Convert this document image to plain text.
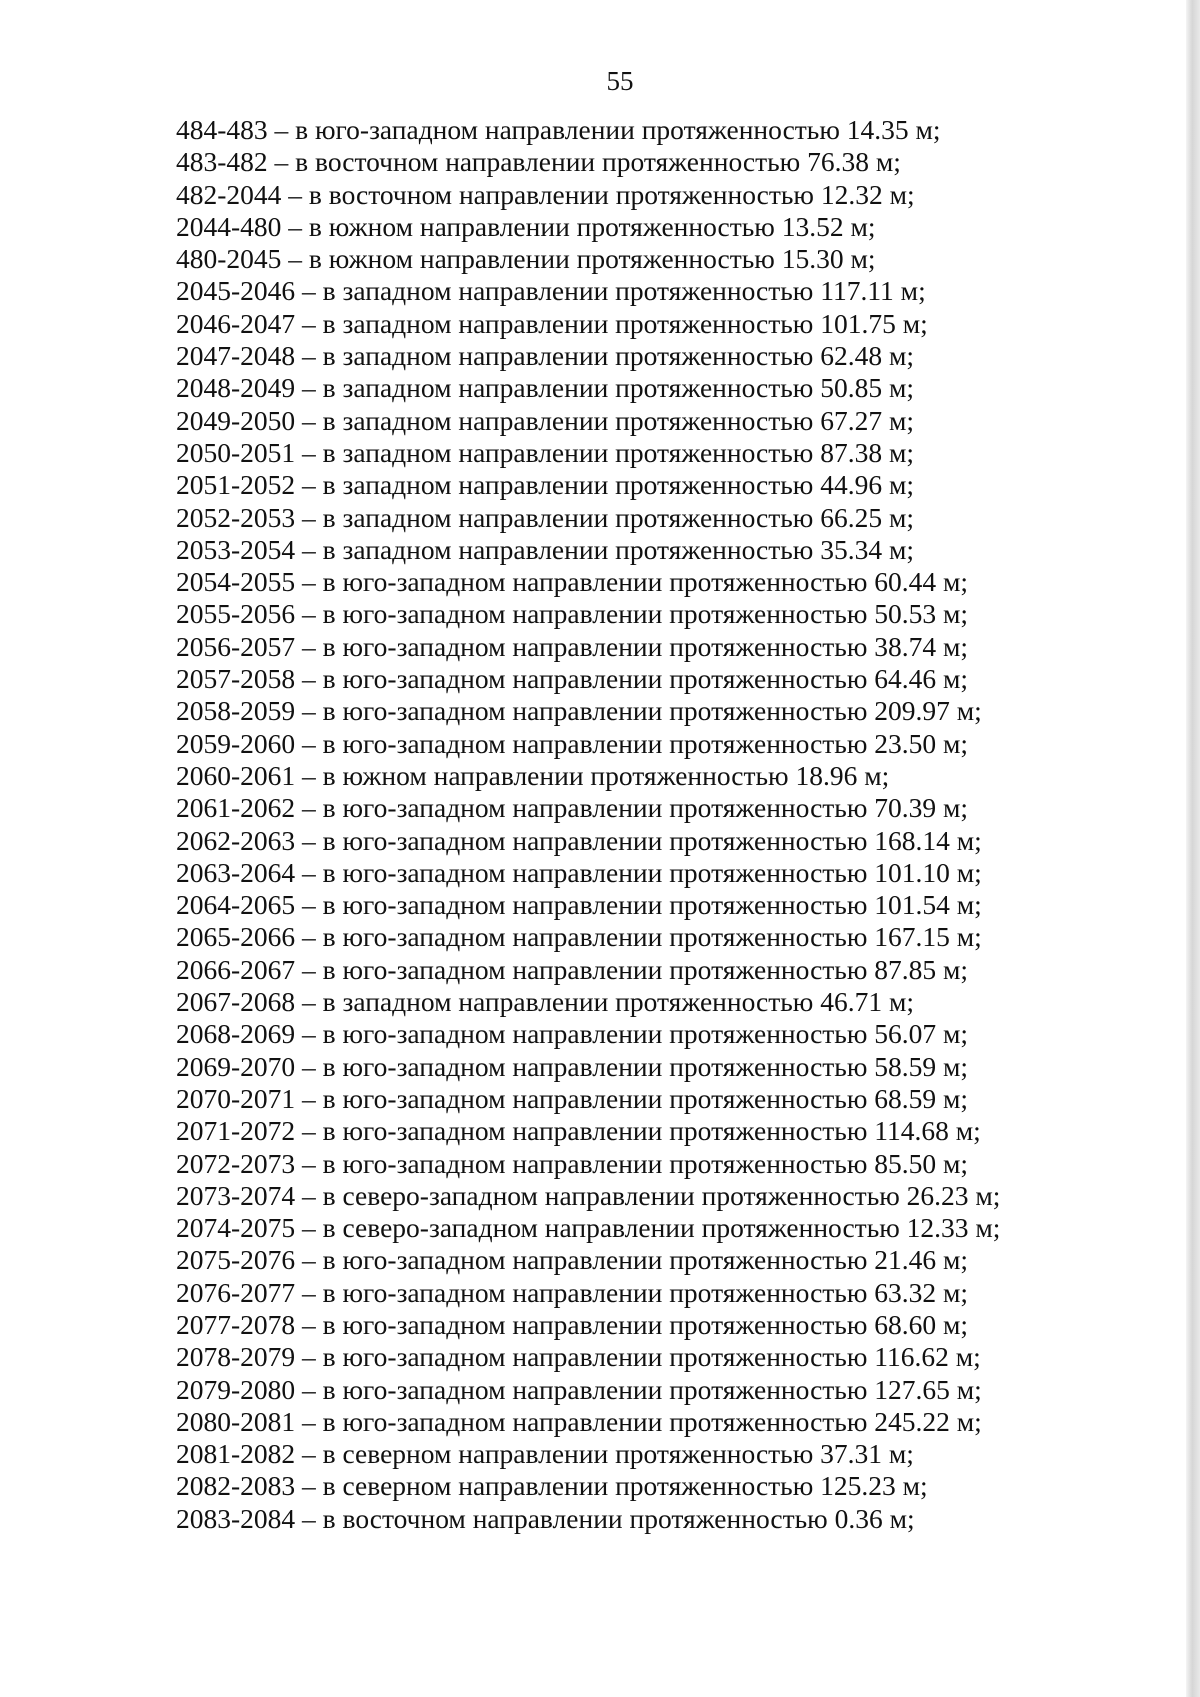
55
484-483 – в юго-западном направлении протяженностью 14.35 м;
483-482 – в восточном направлении протяженностью 76.38 м;
482-2044 – в восточном направлении протяженностью 12.32 м;
2044-480 – в южном направлении протяженностью 13.52 м;
480-2045 – в южном направлении протяженностью 15.30 м;
2045-2046 – в западном направлении протяженностью 117.11 м;
2046-2047 – в западном направлении протяженностью 101.75 м;
2047-2048 – в западном направлении протяженностью 62.48 м;
2048-2049 – в западном направлении протяженностью 50.85 м;
2049-2050 – в западном направлении протяженностью 67.27 м;
2050-2051 – в западном направлении протяженностью 87.38 м;
2051-2052 – в западном направлении протяженностью 44.96 м;
2052-2053 – в западном направлении протяженностью 66.25 м;
2053-2054 – в западном направлении протяженностью 35.34 м;
2054-2055 – в юго-западном направлении протяженностью 60.44 м;
2055-2056 – в юго-западном направлении протяженностью 50.53 м;
2056-2057 – в юго-западном направлении протяженностью 38.74 м;
2057-2058 – в юго-западном направлении протяженностью 64.46 м;
2058-2059 – в юго-западном направлении протяженностью 209.97 м;
2059-2060 – в юго-западном направлении протяженностью 23.50 м;
2060-2061 – в южном направлении протяженностью 18.96 м;
2061-2062 – в юго-западном направлении протяженностью 70.39 м;
2062-2063 – в юго-западном направлении протяженностью 168.14 м;
2063-2064 – в юго-западном направлении протяженностью 101.10 м;
2064-2065 – в юго-западном направлении протяженностью 101.54 м;
2065-2066 – в юго-западном направлении протяженностью 167.15 м;
2066-2067 – в юго-западном направлении протяженностью 87.85 м;
2067-2068 – в западном направлении протяженностью 46.71 м;
2068-2069 – в юго-западном направлении протяженностью 56.07 м;
2069-2070 – в юго-западном направлении протяженностью 58.59 м;
2070-2071 – в юго-западном направлении протяженностью 68.59 м;
2071-2072 – в юго-западном направлении протяженностью 114.68 м;
2072-2073 – в юго-западном направлении протяженностью 85.50 м;
2073-2074 – в северо-западном направлении протяженностью 26.23 м;
2074-2075 – в северо-западном направлении протяженностью 12.33 м;
2075-2076 – в юго-западном направлении протяженностью 21.46 м;
2076-2077 – в юго-западном направлении протяженностью 63.32 м;
2077-2078 – в юго-западном направлении протяженностью 68.60 м;
2078-2079 – в юго-западном направлении протяженностью 116.62 м;
2079-2080 – в юго-западном направлении протяженностью 127.65 м;
2080-2081 – в юго-западном направлении протяженностью 245.22 м;
2081-2082 – в северном направлении протяженностью 37.31 м;
2082-2083 – в северном направлении протяженностью 125.23 м;
2083-2084 – в восточном направлении протяженностью 0.36 м;
